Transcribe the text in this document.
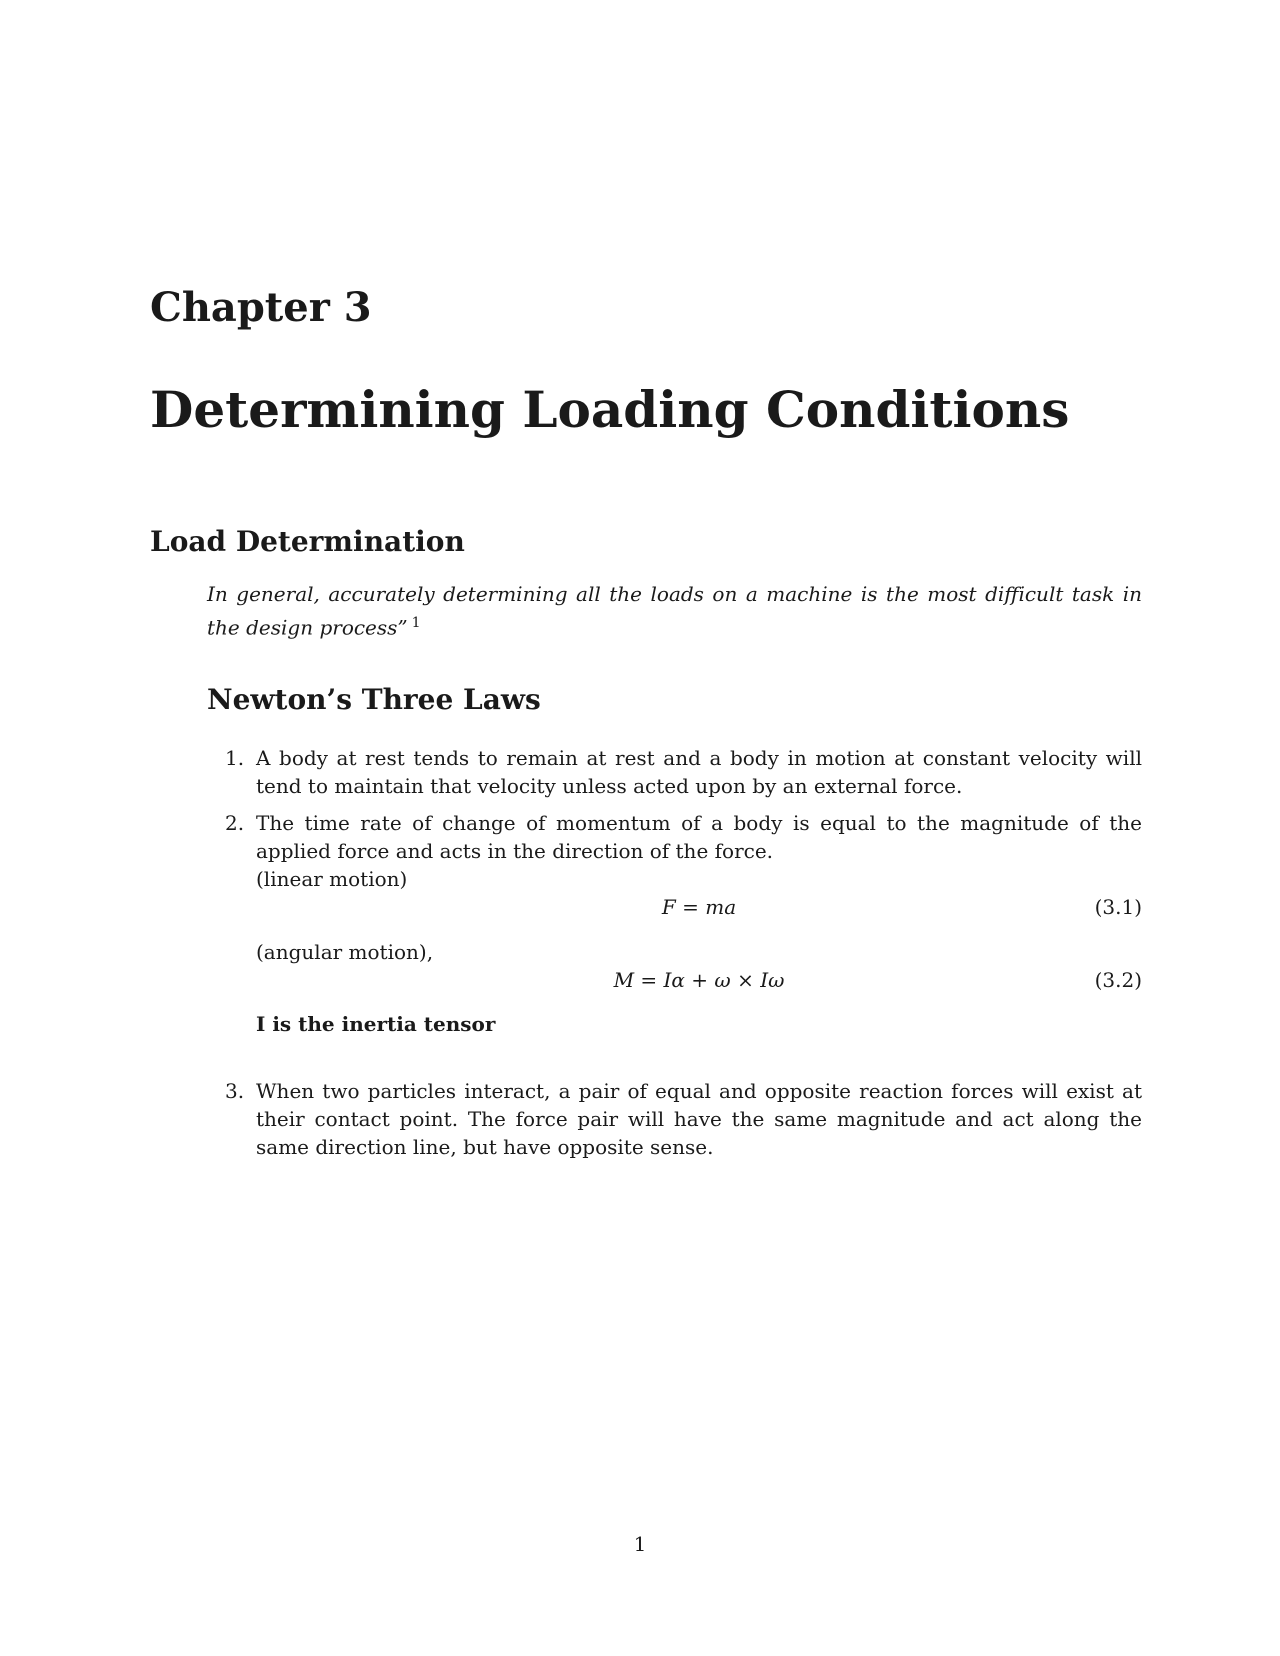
Chapter 3
Determining Loading Conditions
Load Determination
In general, accurately determining all the loads on a machine is the most difficult task in the design process” $^1$
Newton’s Three Laws
1. A body at rest tends to remain at rest and a body in motion at constant velocity will tend to maintain that velocity unless acted upon by an external force.
2. The time rate of change of momentum of a body is equal to the magnitude of the applied force and acts in the direction of the force.
(linear motion)
F = ma	(3.1)
(angular motion),
M = Iα + ω × Iω	(3.2)
I is the inertia tensor
3. When two particles interact, a pair of equal and opposite reaction forces will exist at their contact point. The force pair will have the same magnitude and act along the same direction line, but have opposite sense.
1
